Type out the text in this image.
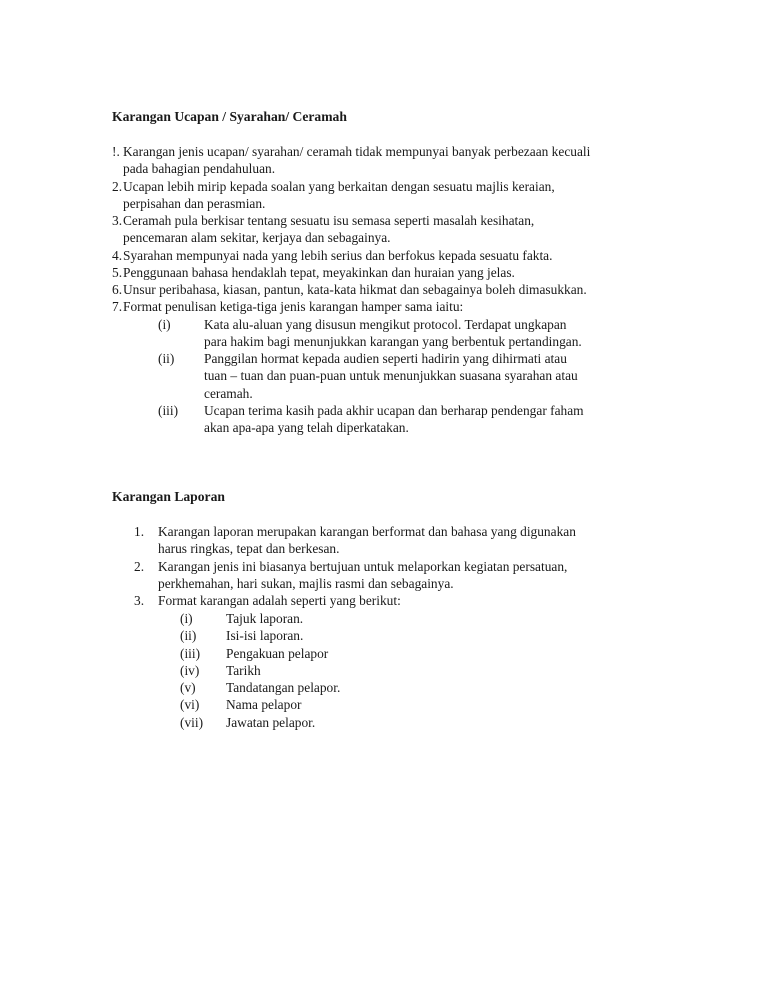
Karangan Ucapan / Syarahan/ Ceramah
!. Karangan jenis ucapan/ syarahan/ ceramah tidak mempunyai banyak perbezaan kecuali
pada bahagian pendahuluan.
2. Ucapan lebih mirip kepada soalan yang berkaitan dengan sesuatu majlis keraian,
perpisahan dan perasmian.
3. Ceramah pula berkisar tentang sesuatu isu semasa seperti masalah kesihatan,
pencemaran alam sekitar, kerjaya dan sebagainya.
4. Syarahan mempunyai nada yang lebih serius dan berfokus kepada sesuatu fakta.
5. Penggunaan bahasa hendaklah tepat, meyakinkan dan huraian yang jelas.
6. Unsur peribahasa, kiasan, pantun, kata-kata hikmat dan sebagainya boleh dimasukkan.
7. Format penulisan ketiga-tiga jenis karangan hamper sama iaitu:
(i) Kata alu-aluan yang disusun mengikut protocol. Terdapat ungkapan
para hakim bagi menunjukkan karangan yang berbentuk pertandingan.
(ii) Panggilan hormat kepada audien seperti hadirin yang dihirmati atau
tuan – tuan dan puan-puan untuk menunjukkan suasana syarahan atau
ceramah.
(iii) Ucapan terima kasih pada akhir ucapan dan berharap pendengar faham
akan apa-apa yang telah diperkatakan.
Karangan Laporan
1. Karangan laporan merupakan karangan berformat dan bahasa yang digunakan
harus ringkas, tepat dan berkesan.
2. Karangan jenis ini biasanya bertujuan untuk melaporkan kegiatan persatuan,
perkhemahan, hari sukan, majlis rasmi dan sebagainya.
3. Format karangan adalah seperti yang berikut:
(i) Tajuk laporan.
(ii) Isi-isi laporan.
(iii) Pengakuan pelapor
(iv) Tarikh
(v) Tandatangan pelapor.
(vi) Nama pelapor
(vii) Jawatan pelapor.
